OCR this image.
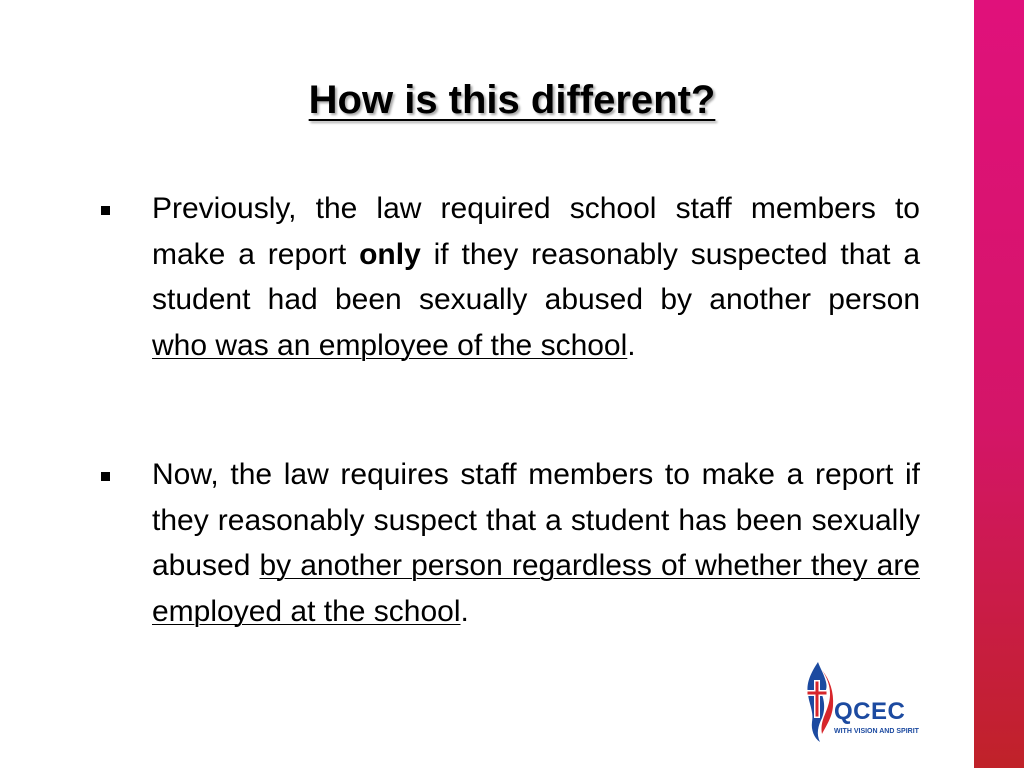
How is this different?

Previously, the law required school staff members to make a report only if they reasonably suspected that a student had been sexually abused by another person who was an employee of the school.

Now, the law requires staff members to make a report if they reasonably suspect that a student has been sexually abused by another person regardless of whether they are employed at the school.

QCEC
WITH VISION AND SPIRIT
